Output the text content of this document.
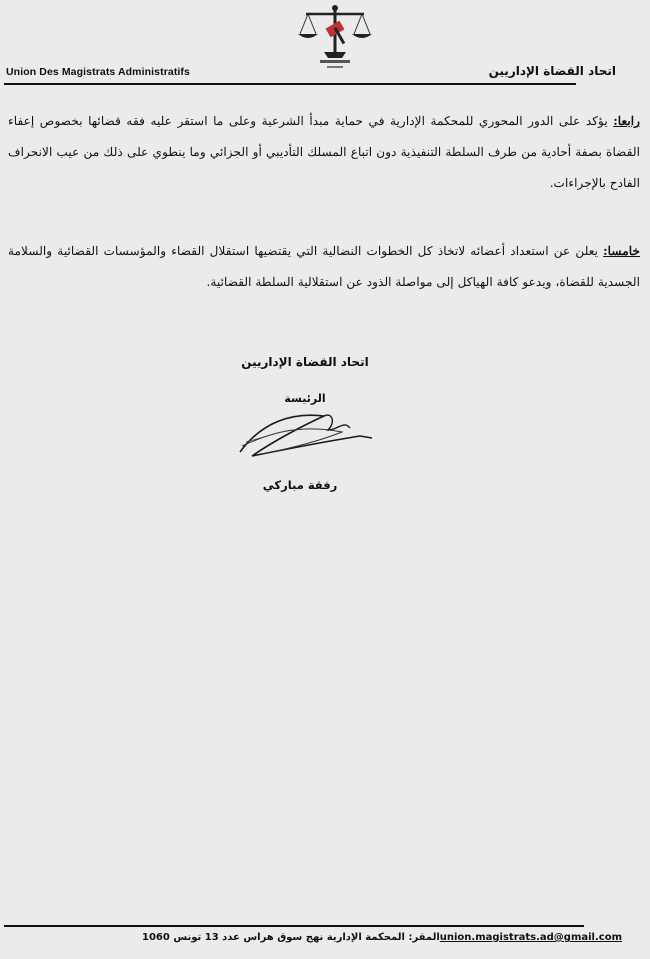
Union Des Magistrats Administratifs	اتحاد القضاة الإداريين
رابعا: يؤكد على الدور المحوري للمحكمة الإدارية في حماية مبدأ الشرعية وعلى ما استقر عليه فقه قضائها بخصوص إعفاء القضاة بصفة أحادية من طرف السلطة التنفيذية دون اتباع المسلك التأديبي أو الجزائي وما ينطوي على ذلك من عيب الانحراف الفادح بالإجراءات.
خامسا: يعلن عن استعداد أعضائه لاتخاذ كل الخطوات النضالية التي يقتضيها استقلال القضاء والمؤسسات القضائية والسلامة الجسدية للقضاة، ويدعو كافة الهياكل إلى مواصلة الذود عن استقلالية السلطة القضائية.
اتحاد القضاة الإداريين
الرئيسة
رفقة مباركي
المقر: المحكمة الإدارية نهج سوق هراس عدد 13 تونس 1060union.magistrats.ad@gmail.com
